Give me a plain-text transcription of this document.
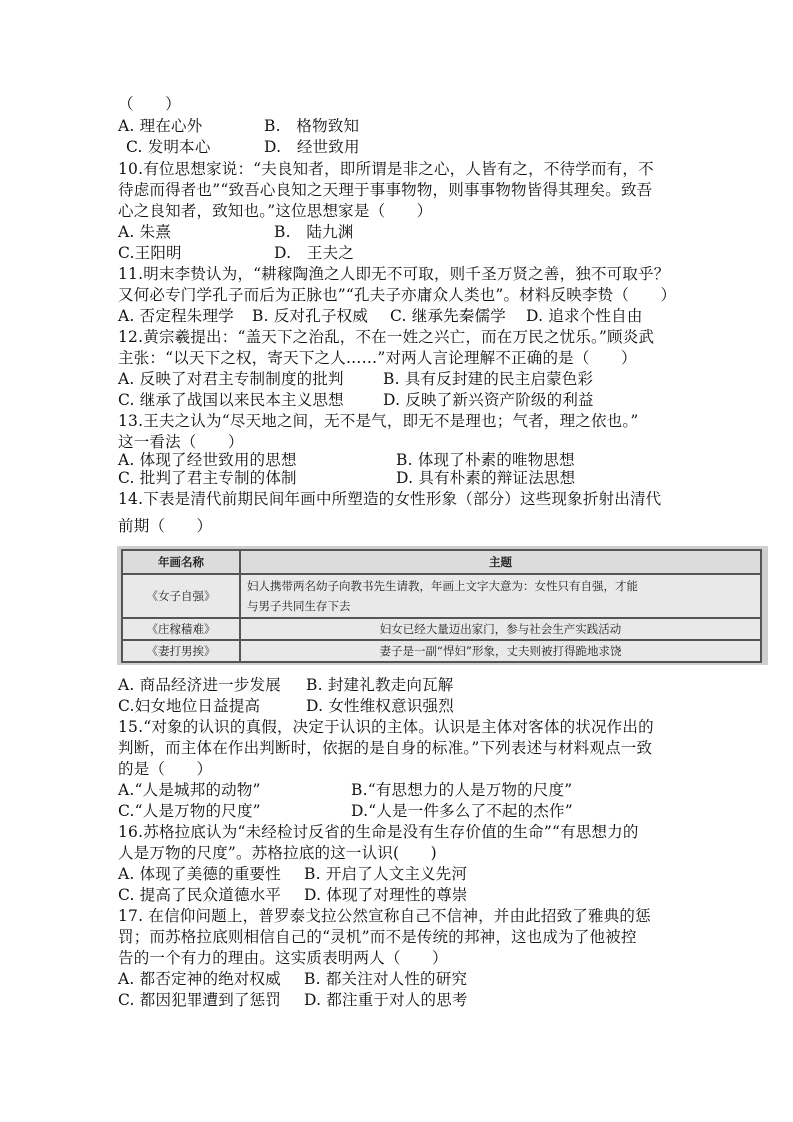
（　　）
A. 理在心外	B.　格物致知
C. 发明本心	D.　经世致用
10.有位思想家说：“夫良知者，即所谓是非之心，人皆有之，不待学而有，不
待虑而得者也”“致吾心良知之天理于事事物物，则事事物物皆得其理矣。致吾
心之良知者，致知也。”这位思想家是（　　）
A. 朱熹	B.　陆九渊
C.王阳明	D.　王夫之
11.明末李贽认为，“耕稼陶渔之人即无不可取，则千圣万贤之善，独不可取乎？
又何必专门学孔子而后为正脉也”“孔夫子亦庸众人类也”。材料反映李贽（　　）
A. 否定程朱理学 B. 反对孔子权威 C. 继承先秦儒学 D. 追求个性自由
12.黄宗羲提出：“盖天下之治乱，不在一姓之兴亡，而在万民之忧乐。”顾炎武
主张：“以天下之权，寄天下之人……”对两人言论理解不正确的是（　　）
A. 反映了对君主专制制度的批判	B. 具有反封建的民主启蒙色彩
C. 继承了战国以来民本主义思想	D. 反映了新兴资产阶级的利益
13.王夫之认为“尽天地之间，无不是气，即无不是理也；气者，理之依也。”
这一看法（　　）
A. 体现了经世致用的思想	B. 体现了朴素的唯物思想
C. 批判了君主专制的体制	D. 具有朴素的辩证法思想
14.下表是清代前期民间年画中所塑造的女性形象（部分）这些现象折射出清代
前期（　　）
年画名称	主题
《女子自强》	妇人携带两名幼子向教书先生请教，年画上文字大意为：女性只有自强，才能
与男子共同生存下去

《庄稼穑难》	妇女已经大量迈出家门，参与社会生产实践活动
《妻打男挨》	妻子是一副“悍妇”形象，丈夫则被打得跪地求饶
A. 商品经济进一步发展 B. 封建礼教走向瓦解
C.妇女地位日益提高	D. 女性维权意识强烈
15.“对象的认识的真假，决定于认识的主体。认识是主体对客体的状况作出的
判断，而主体在作出判断时，依据的是自身的标准。”下列表述与材料观点一致
的是（　　）
A.“人是城邦的动物”	B.“有思想力的人是万物的尺度”
C.“人是万物的尺度”	D.“人是一件多么了不起的杰作”
16.苏格拉底认为“未经检讨反省的生命是没有生存价值的生命”“有思想力的
人是万物的尺度”。苏格拉底的这一认识(　　)
A. 体现了美德的重要性 B. 开启了人文主义先河
C. 提高了民众道德水平 D. 体现了对理性的尊崇
17. 在信仰问题上，普罗泰戈拉公然宣称自己不信神，并由此招致了雅典的惩
罚；而苏格拉底则相信自己的“灵机”而不是传统的邦神，这也成为了他被控
告的一个有力的理由。这实质表明两人（　　）
A. 都否定神的绝对权威 B. 都关注对人性的研究
C. 都因犯罪遭到了惩罚 D. 都注重于对人的思考
